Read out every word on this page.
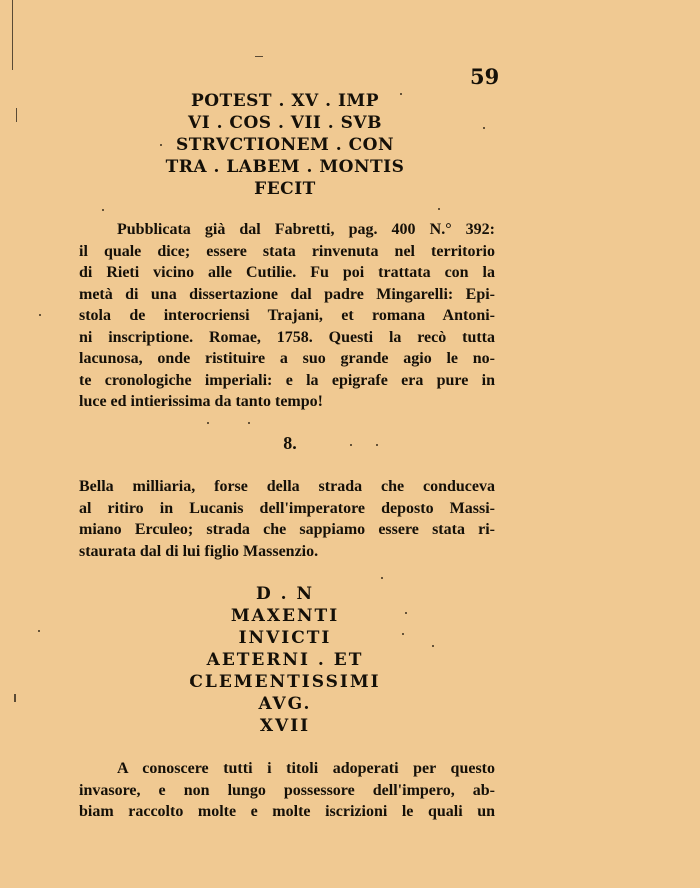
59
POTEST . XV . IMP
VI . COS . VII . SVB
STRVCTIONEM . CON
TRA . LABEM . MONTIS
FECIT
Pubblicata già dal Fabretti, pag. 400 N.° 392:
il quale dice; essere stata rinvenuta nel territorio
di Rieti vicino alle Cutilie. Fu poi trattata con la
metà di una dissertazione dal padre Mingarelli: Epi-
stola de interocriensi Trajani, et romana Antoni-
ni inscriptione. Romae, 1758. Questi la recò tutta
lacunosa, onde ristituire a suo grande agio le no-
te cronologiche imperiali: e la epigrafe era pure in
luce ed intierissima da tanto tempo!
8.
Bella milliaria, forse della strada che conduceva
al ritiro in Lucanis dell'imperatore deposto Massi-
miano Erculeo; strada che sappiamo essere stata ri-
staurata dal di lui figlio Massenzio.
D . N
MAXENTI
INVICTI
AETERNI . ET
CLEMENTISSIMI
AVG.
XVII
A conoscere tutti i titoli adoperati per questo
invasore, e non lungo possessore dell'impero, ab-
biam raccolto molte e molte iscrizioni le quali un
